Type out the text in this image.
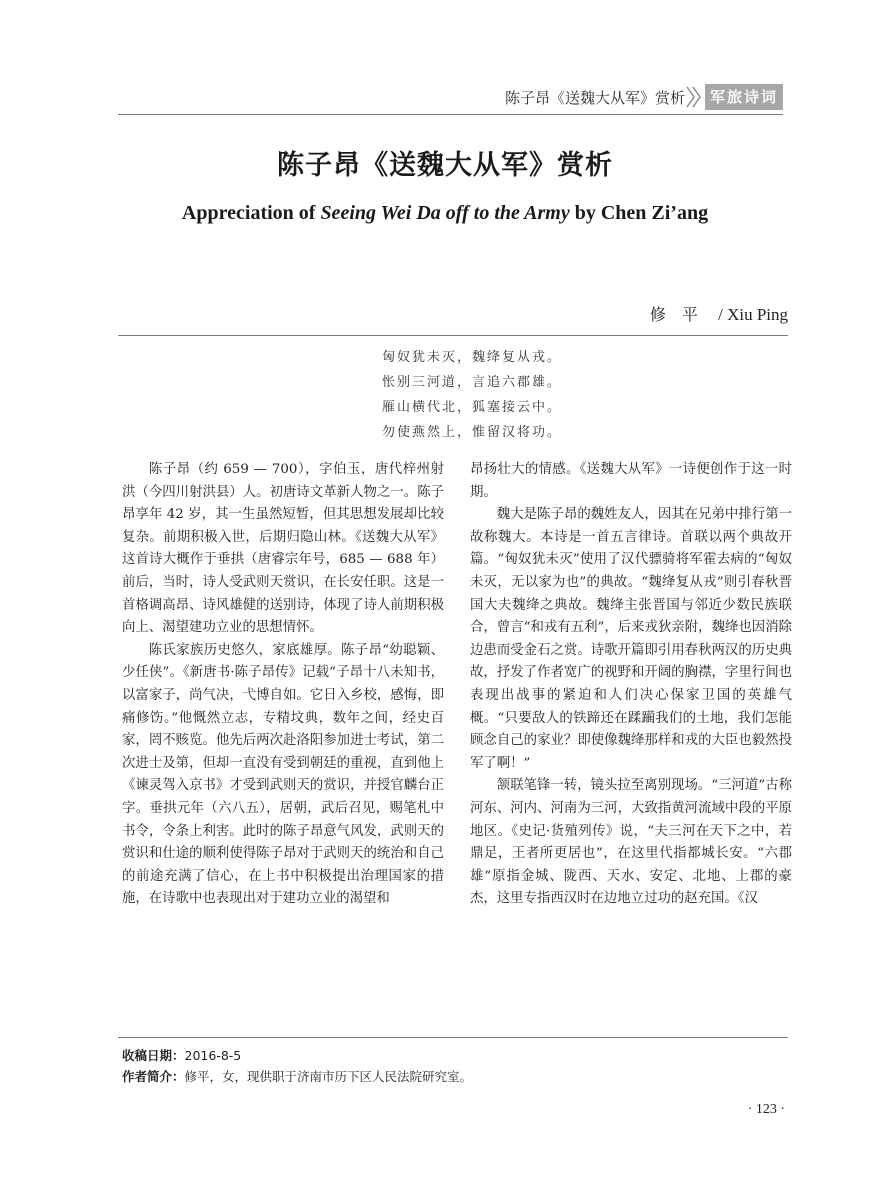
陈子昂《送魏大从军》赏析	军旅诗词
陈子昂《送魏大从军》赏析
Appreciation of Seeing Wei Da off to the Army by Chen Zi’ang
修平 / Xiu Ping
匈奴犹未灭，魏绛复从戎。
怅别三河道，言追六郡雄。
雁山横代北，狐塞接云中。
勿使燕然上，惟留汉将功。

陈子昂（约 659 — 700），字伯玉，唐代梓州射洪（今四川射洪县）人。初唐诗文革新人物之一。陈子昂享年 42 岁，其一生虽然短暂，但其思想发展却比较复杂。前期积极入世，后期归隐山林。《送魏大从军》这首诗大概作于垂拱（唐睿宗年号，685 — 688 年）前后，当时，诗人受武则天赏识，在长安任职。这是一首格调高昂、诗风雄健的送别诗，体现了诗人前期积极向上、渴望建功立业的思想情怀。

陈氏家族历史悠久，家底雄厚。陈子昂“幼聪颖、少任侠”。《新唐书·陈子昂传》记载“子昂十八未知书，以富家子，尚气决，弋博自如。它日入乡校，感悔，即痛修饬。”他慨然立志，专精坟典，数年之间，经史百家，罔不赅览。他先后两次赴洛阳参加进士考试，第二次进士及第，但却一直没有受到朝廷的重视，直到他上《谏灵驾入京书》才受到武则天的赏识，并授官麟台正字。垂拱元年（六八五），居朝，武后召见，赐笔札中书令，令条上利害。此时的陈子昂意气风发，武则天的赏识和仕途的顺利使得陈子昂对于武则天的统治和自己的前途充满了信心，在上书中积极提出治理国家的措施，在诗歌中也表现出对于建功立业的渴望和

昂扬壮大的情感。《送魏大从军》一诗便创作于这一时期。

魏大是陈子昂的魏姓友人，因其在兄弟中排行第一故称魏大。本诗是一首五言律诗。首联以两个典故开篇。“匈奴犹未灭”使用了汉代骠骑将军霍去病的“匈奴未灭，无以家为也”的典故。“魏绛复从戎”则引春秋晋国大夫魏绛之典故。魏绛主张晋国与邻近少数民族联合，曾言“和戎有五利”，后来戎狄亲附，魏绛也因消除边患而受金石之赏。诗歌开篇即引用春秋两汉的历史典故，抒发了作者宽广的视野和开阔的胸襟，字里行间也表现出战事的紧迫和人们决心保家卫国的英雄气概。“只要敌人的铁蹄还在蹂躏我们的土地，我们怎能顾念自己的家业？即使像魏绛那样和戎的大臣也毅然投军了啊！”

颔联笔锋一转，镜头拉至离别现场。“三河道”古称河东、河内、河南为三河，大致指黄河流域中段的平原地区。《史记·货殖列传》说，“夫三河在天下之中，若鼎足，王者所更居也”，在这里代指都城长安。“六郡雄”原指金城、陇西、天水、安定、北地、上郡的豪杰，这里专指西汉时在边地立过功的赵充国。《汉

收稿日期：2016-8-5
作者简介：修平，女，现供职于济南市历下区人民法院研究室。
· 123 ·
